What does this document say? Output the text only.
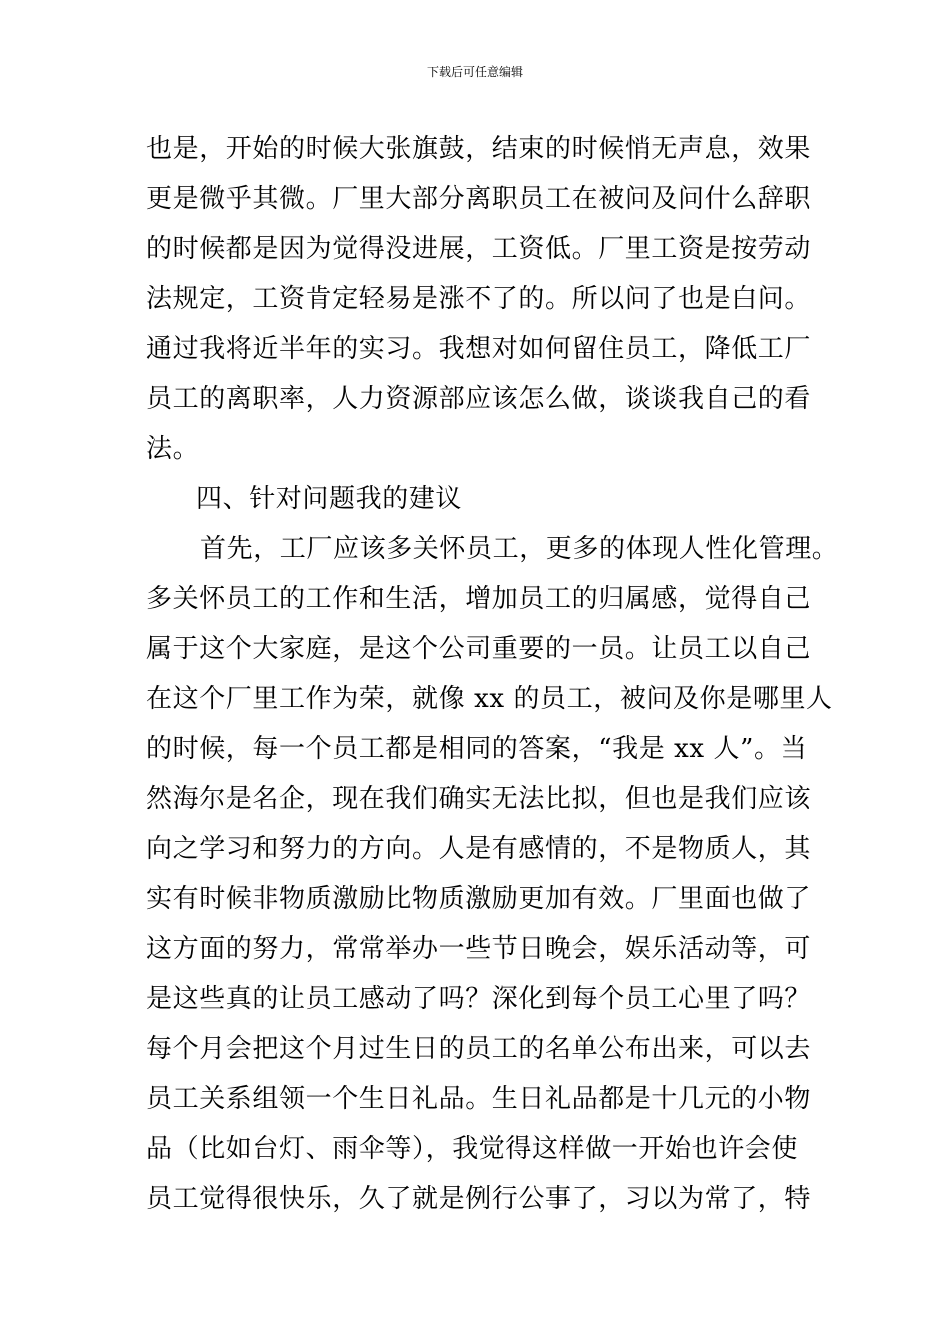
下载后可任意编辑
也是，开始的时候大张旗鼓，结束的时候悄无声息，效果
更是微乎其微。厂里大部分离职员工在被问及问什么辞职
的时候都是因为觉得没进展，工资低。厂里工资是按劳动
法规定，工资肯定轻易是涨不了的。所以问了也是白问。
通过我将近半年的实习。我想对如何留住员工，降低工厂
员工的离职率，人力资源部应该怎么做，谈谈我自己的看
法。
四、针对问题我的建议
首先，工厂应该多关怀员工，更多的体现人性化管理。
多关怀员工的工作和生活，增加员工的归属感，觉得自己
属于这个大家庭，是这个公司重要的一员。让员工以自己
在这个厂里工作为荣，就像 xx 的员工，被问及你是哪里人
的时候，每一个员工都是相同的答案，“我是 xx 人”。当
然海尔是名企，现在我们确实无法比拟，但也是我们应该
向之学习和努力的方向。人是有感情的，不是物质人，其
实有时候非物质激励比物质激励更加有效。厂里面也做了
这方面的努力，常常举办一些节日晚会，娱乐活动等，可
是这些真的让员工感动了吗？深化到每个员工心里了吗？
每个月会把这个月过生日的员工的名单公布出来，可以去
员工关系组领一个生日礼品。生日礼品都是十几元的小物
品（比如台灯、雨伞等），我觉得这样做一开始也许会使
员工觉得很快乐，久了就是例行公事了，习以为常了，特
